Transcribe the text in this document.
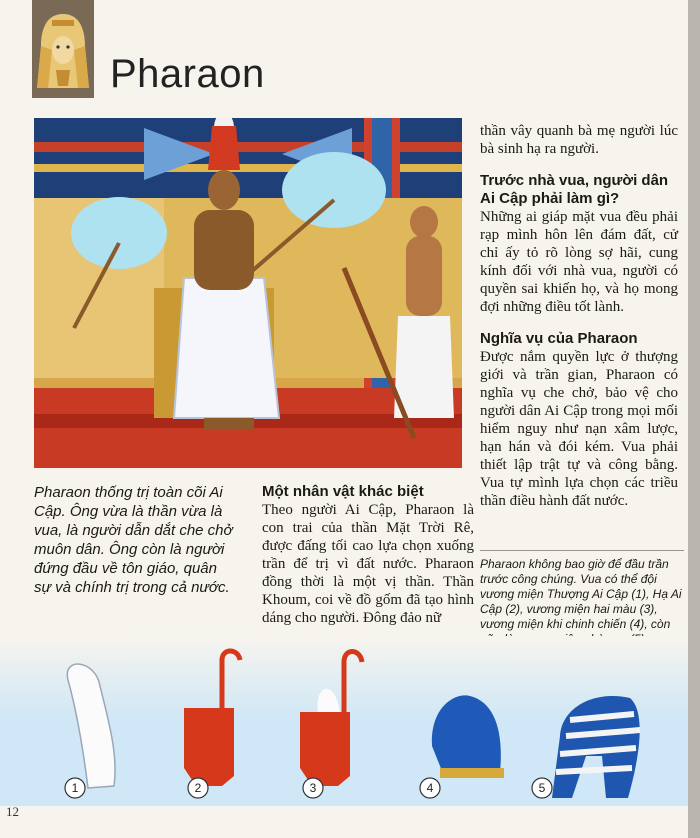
Pharaon

thần vây quanh bà mẹ người lúc bà sinh hạ ra người.

Trước nhà vua, người dân Ai Cập phải làm gì?

Những ai giáp mặt vua đều phải rạp mình hôn lên đám đất, cử chỉ ấy tỏ rõ lòng sợ hãi, cung kính đối với nhà vua, người có quyền sai khiến họ, và họ mong đợi những điều tốt lành.

Nghĩa vụ của Pharaon

Được nắm quyền lực ở thượng giới và trần gian, Pharaon có nghĩa vụ che chở, bảo vệ cho người dân Ai Cập trong mọi mối hiểm nguy như nạn xâm lược, hạn hán và đói kém. Vua phải thiết lập trật tự và công bằng. Vua tự mình lựa chọn các triều thần điều hành đất nước.

Pharaon thống trị toàn cõi Ai Cập. Ông vừa là thần vừa là vua, là người dẫn dắt che chở muôn dân. Ông còn là người đứng đầu về tôn giáo, quân sự và chính trị trong cả nước.

Một nhân vật khác biệt

Theo người Ai Cập, Pharaon là con trai của thần Mặt Trời Rê, được đấng tối cao lựa chọn xuống trần để trị vì đất nước. Pharaon đồng thời là một vị thần. Thần Khoum, coi về đồ gốm đã tạo hình dáng cho người. Đông đảo nữ

Pharaon không bao giờ để đầu trần trước công chúng. Vua có thể đội vương miện Thượng Ai Cập (1), Hạ Ai Cập (2), vương miện hai màu (3), vương miện khi chinh chiến (4), còn
1	2	3	4	5
12
